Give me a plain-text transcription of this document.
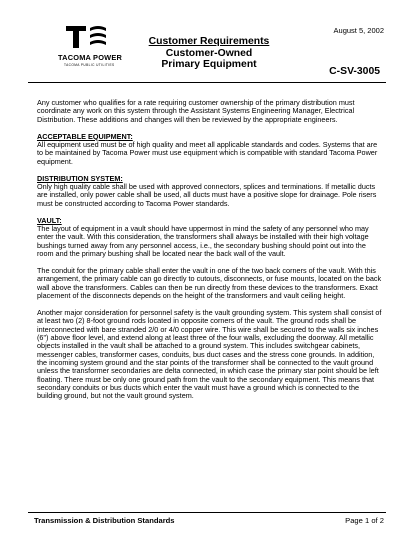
August 5, 2002
TACOMA POWER
TACOMA PUBLIC UTILITIES
Customer Requirements
Customer-Owned
Primary Equipment
C-SV-3005

Any customer who qualifies for a rate requiring customer ownership of the primary distribution must coordinate any work on this system through the Assistant Systems Engineering Manager, Electrical Distribution. These additions and changes will then be reviewed by the appropriate engineers.

ACCEPTABLE EQUIPMENT:

All equipment used must be of high quality and meet all applicable standards and codes. Systems that are to be maintained by Tacoma Power must use equipment which is compatible with standard Tacoma Power equipment.

DISTRIBUTION SYSTEM:

Only high quality cable shall be used with approved connectors, splices and terminations. If metallic ducts are installed, only power cable shall be used, all ducts must have a positive slope for drainage. Pole risers must be constructed according to Tacoma Power standards.

VAULT:

The layout of equipment in a vault should have uppermost in mind the safety of any personnel who may enter the vault. With this consideration, the transformers shall always be installed with their high voltage bushings turned away from any personnel access, i.e., the secondary bushing should point out into the room and the primary bushing shall be located near the back wall of the vault.

The conduit for the primary cable shall enter the vault in one of the two back corners of the vault. With this arrangement, the primary cable can go directly to cutouts, disconnects, or fuse mounts, located on the back wall above the transformers. Cables can then be run directly from these devices to the transformers. Exact placement of the disconnects depends on the height of the transformers and vault ceiling height.

Another major consideration for personnel safety is the vault grounding system. This system shall consist of at least two (2) 8-foot ground rods located in opposite corners of the vault. The ground rods shall be interconnected with bare stranded 2/0 or 4/0 copper wire. This wire shall be secured to the walls six inches (6") above floor level, and extend along at least three of the four walls, excluding the doorway. All metallic objects installed in the vault shall be attached to a ground system. This includes switchgear cabinets, messenger cables, transformer cases, conduits, bus duct cases and the stress cone grounds. In addition, the incoming system ground and the star points of the transformer shall be connected to the vault ground unless the transformer secondaries are delta connected, in which case the primary star point should be left floating. There must be only one ground path from the vault to the secondary equipment. This means that secondary conduits or bus ducts which enter the vault must have a ground which is connected to the building ground, but not the vault ground system.

Transmission & Distribution Standards	Page 1 of 2
